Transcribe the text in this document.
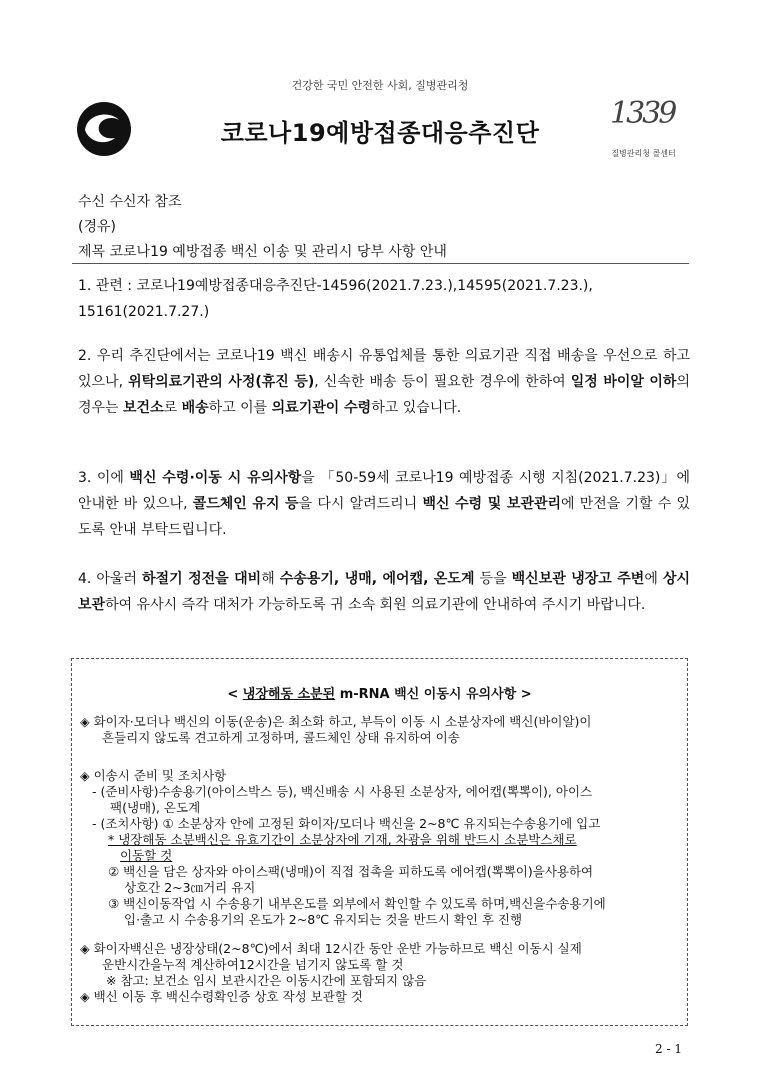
건강한 국민 안전한 사회, 질병관리청
코로나19예방접종대응추진단
1339
질병관리청 콜센터
수신 수신자 참조
(경유)
제목 코로나19 예방접종 백신 이송 및 관리시 당부 사항 안내
1. 관련 : 코로나19예방접종대응추진단-14596(2021.7.23.),14595(2021.7.23.),
15161(2021.7.27.)
2. 우리 추진단에서는 코로나19 백신 배송시 유통업체를 통한 의료기관 직접 배송을 우선으로 하고 있으나, 위탁의료기관의 사정(휴진 등), 신속한 배송 등이 필요한 경우에 한하여 일정 바이알 이하의 경우는 보건소로 배송하고 이를 의료기관이 수령하고 있습니다.
3. 이에 백신 수령·이동 시 유의사항을 「50-59세 코로나19 예방접종 시행 지침(2021.7.23)」에 안내한 바 있으나, 콜드체인 유지 등을 다시 알려드리니 백신 수령 및 보관관리에 만전을 기할 수 있도록 안내 부탁드립니다.
4. 아울러 하절기 정전을 대비해 수송용기, 냉매, 에어캡, 온도계 등을 백신보관 냉장고 주변에 상시 보관하여 유사시 즉각 대처가 가능하도록 귀 소속 회원 의료기관에 안내하여 주시기 바랍니다.
< 냉장해동 소분된 m-RNA 백신 이동시 유의사항 >
◈ 화이자·모더나 백신의 이동(운송)은 최소화 하고, 부득이 이동 시 소분상자에 백신(바이알)이
흔들리지 않도록 견고하게 고정하며, 콜드체인 상태 유지하여 이송
◈ 이송시 준비 및 조치사항
- (준비사항)수송용기(아이스박스 등), 백신배송 시 사용된 소분상자, 에어캡(뽁뽁이), 아이스
팩(냉매), 온도계
- (조치사항) ① 소분상자 안에 고정된 화이자/모더나 백신을 2~8℃ 유지되는수송용기에 입고
* 냉장해동 소분백신은 유효기간이 소분상자에 기재, 차광을 위해 반드시 소분박스채로
이동할 것
② 백신을 담은 상자와 아이스팩(냉매)이 직접 접촉을 피하도록 에어캡(뽁뽁이)을사용하여
상호간 2~3㎝거리 유지
③ 백신이동작업 시 수송용기 내부온도를 외부에서 확인할 수 있도록 하며,백신을수송용기에
입·출고 시 수송용기의 온도가 2~8℃ 유지되는 것을 반드시 확인 후 진행
◈ 화이자백신은 냉장상태(2~8℃)에서 최대 12시간 동안 운반 가능하므로 백신 이동시 실제
운반시간을누적 계산하여12시간을 넘기지 않도록 할 것
※ 참고: 보건소 임시 보관시간은 이동시간에 포함되지 않음
◈ 백신 이동 후 백신수령확인증 상호 작성 보관할 것
2 - 1
